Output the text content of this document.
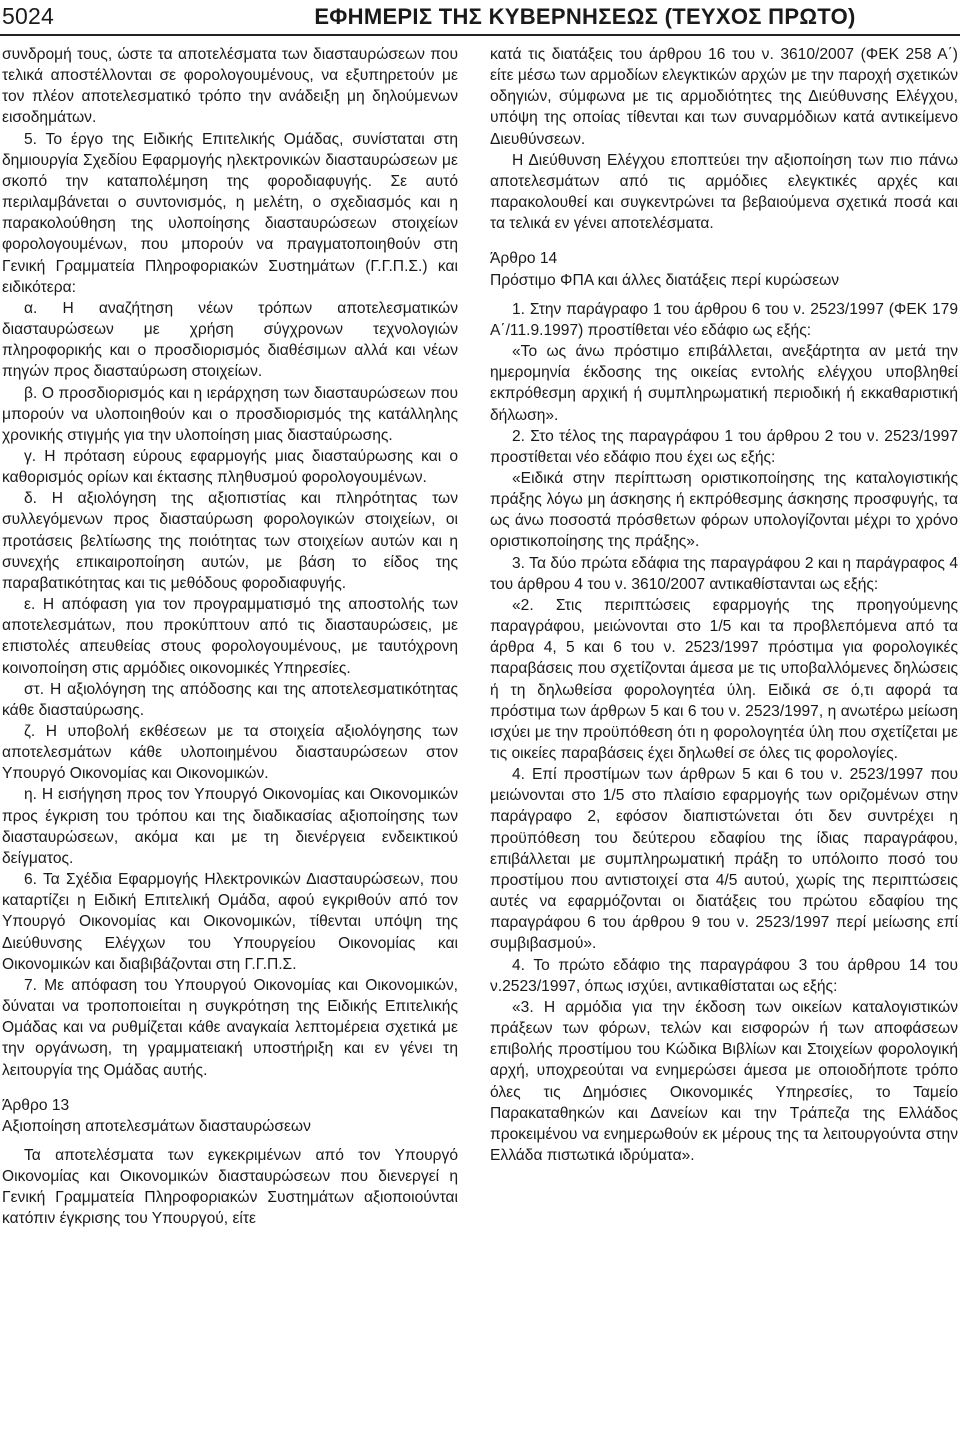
5024	ΕΦΗΜΕΡΙΣ ΤΗΣ ΚΥΒΕΡΝΗΣΕΩΣ (ΤΕΥΧΟΣ ΠΡΩΤΟ)

συνδρομή τους, ώστε τα αποτελέσματα των διασταυρώσεων που τελικά αποστέλλονται σε φορολογουμένους, να εξυπηρετούν με τον πλέον αποτελεσματικό τρόπο την ανάδειξη μη δηλούμενων εισοδημάτων.

5. Το έργο της Ειδικής Επιτελικής Ομάδας, συνίσταται στη δημιουργία Σχεδίου Εφαρμογής ηλεκτρονικών διασταυρώσεων με σκοπό την καταπολέμηση της φοροδιαφυγής. Σε αυτό περιλαμβάνεται ο συντονισμός, η μελέτη, ο σχεδιασμός και η παρακολούθηση της υλοποίησης διασταυρώσεων στοιχείων φορολογουμένων, που μπορούν να πραγματοποιηθούν στη Γενική Γραμματεία Πληροφοριακών Συστημάτων (Γ.Γ.Π.Σ.) και ειδικότερα:

α. Η αναζήτηση νέων τρόπων αποτελεσματικών διασταυρώσεων με χρήση σύγχρονων τεχνολογιών πληροφορικής και ο προσδιορισμός διαθέσιμων αλλά και νέων πηγών προς διασταύρωση στοιχείων.

β. Ο προσδιορισμός και η ιεράρχηση των διασταυρώσεων που μπορούν να υλοποιηθούν και ο προσδιορισμός της κατάλληλης χρονικής στιγμής για την υλοποίηση μιας διασταύρωσης.

γ. Η πρόταση εύρους εφαρμογής μιας διασταύρωσης και ο καθορισμός ορίων και έκτασης πληθυσμού φορολογουμένων.

δ. Η αξιολόγηση της αξιοπιστίας και πληρότητας των συλλεγόμενων προς διασταύρωση φορολογικών στοιχείων, οι προτάσεις βελτίωσης της ποιότητας των στοιχείων αυτών και η συνεχής επικαιροποίηση αυτών, με βάση το είδος της παραβατικότητας και τις μεθόδους φοροδιαφυγής.

ε. Η απόφαση για τον προγραμματισμό της αποστολής των αποτελεσμάτων, που προκύπτουν από τις διασταυρώσεις, με επιστολές απευθείας στους φορολογουμένους, με ταυτόχρονη κοινοποίηση στις αρμόδιες οικονομικές Υπηρεσίες.

στ. Η αξιολόγηση της απόδοσης και της αποτελεσματικότητας κάθε διασταύρωσης.

ζ. Η υποβολή εκθέσεων με τα στοιχεία αξιολόγησης των αποτελεσμάτων κάθε υλοποιημένου διασταυρώσεων στον Υπουργό Οικονομίας και Οικονομικών.

η. Η εισήγηση προς τον Υπουργό Οικονομίας και Οικονομικών προς έγκριση του τρόπου και της διαδικασίας αξιοποίησης των διασταυρώσεων, ακόμα και με τη διενέργεια ενδεικτικού δείγματος.

6. Τα Σχέδια Εφαρμογής Ηλεκτρονικών Διασταυρώσεων, που καταρτίζει η Ειδική Επιτελική Ομάδα, αφού εγκριθούν από τον Υπουργό Οικονομίας και Οικονομικών, τίθενται υπόψη της Διεύθυνσης Ελέγχων του Υπουργείου Οικονομίας και Οικονομικών και διαβιβάζονται στη Γ.Γ.Π.Σ.

7. Με απόφαση του Υπουργού Οικονομίας και Οικονομικών, δύναται να τροποποιείται η συγκρότηση της Ειδικής Επιτελικής Ομάδας και να ρυθμίζεται κάθε αναγκαία λεπτομέρεια σχετικά με την οργάνωση, τη γραμματειακή υποστήριξη και εν γένει τη λειτουργία της Ομάδας αυτής.

Άρθρο 13

Αξιοποίηση αποτελεσμάτων διασταυρώσεων

Τα αποτελέσματα των εγκεκριμένων από τον Υπουργό Οικονομίας και Οικονομικών διασταυρώσεων που διενεργεί η Γενική Γραμματεία Πληροφοριακών Συστημάτων αξιοποιούνται κατόπιν έγκρισης του Υπουργού, είτε

κατά τις διατάξεις του άρθρου 16 του ν. 3610/2007 (ΦΕΚ 258 Α΄) είτε μέσω των αρμοδίων ελεγκτικών αρχών με την παροχή σχετικών οδηγιών, σύμφωνα με τις αρμοδιότητες της Διεύθυνσης Ελέγχου, υπόψη της οποίας τίθενται και των συναρμόδιων κατά αντικείμενο Διευθύνσεων.

Η Διεύθυνση Ελέγχου εποπτεύει την αξιοποίηση των πιο πάνω αποτελεσμάτων από τις αρμόδιες ελεγκτικές αρχές και παρακολουθεί και συγκεντρώνει τα βεβαιούμενα σχετικά ποσά και τα τελικά εν γένει αποτελέσματα.

Άρθρο 14

Πρόστιμο ΦΠΑ και άλλες διατάξεις περί κυρώσεων

1. Στην παράγραφο 1 του άρθρου 6 του ν. 2523/1997 (ΦΕΚ 179 Α΄/11.9.1997) προστίθεται νέο εδάφιο ως εξής:

«Το ως άνω πρόστιμο επιβάλλεται, ανεξάρτητα αν μετά την ημερομηνία έκδοσης της οικείας εντολής ελέγχου υποβληθεί εκπρόθεσμη αρχική ή συμπληρωματική περιοδική ή εκκαθαριστική δήλωση».

2. Στο τέλος της παραγράφου 1 του άρθρου 2 του ν. 2523/1997 προστίθεται νέο εδάφιο που έχει ως εξής:

«Ειδικά στην περίπτωση οριστικοποίησης της καταλογιστικής πράξης λόγω μη άσκησης ή εκπρόθεσμης άσκησης προσφυγής, τα ως άνω ποσοστά πρόσθετων φόρων υπολογίζονται μέχρι το χρόνο οριστικοποίησης της πράξης».

3. Τα δύο πρώτα εδάφια της παραγράφου 2 και η παράγραφος 4 του άρθρου 4 του ν. 3610/2007 αντικαθίστανται ως εξής:

«2. Στις περιπτώσεις εφαρμογής της προηγούμενης παραγράφου, μειώνονται στο 1/5 και τα προβλεπόμενα από τα άρθρα 4, 5 και 6 του ν. 2523/1997 πρόστιμα για φορολογικές παραβάσεις που σχετίζονται άμεσα με τις υποβαλλόμενες δηλώσεις ή τη δηλωθείσα φορολογητέα ύλη. Ειδικά σε ό,τι αφορά τα πρόστιμα των άρθρων 5 και 6 του ν. 2523/1997, η ανωτέρω μείωση ισχύει με την προϋπόθεση ότι η φορολογητέα ύλη που σχετίζεται με τις οικείες παραβάσεις έχει δηλωθεί σε όλες τις φορολογίες.

4. Επί προστίμων των άρθρων 5 και 6 του ν. 2523/1997 που μειώνονται στο 1/5 στο πλαίσιο εφαρμογής των οριζομένων στην παράγραφο 2, εφόσον διαπιστώνεται ότι δεν συντρέχει η προϋπόθεση του δεύτερου εδαφίου της ίδιας παραγράφου, επιβάλλεται με συμπληρωματική πράξη το υπόλοιπο ποσό του προστίμου που αντιστοιχεί στα 4/5 αυτού, χωρίς της περιπτώσεις αυτές να εφαρμόζονται οι διατάξεις του πρώτου εδαφίου της παραγράφου 6 του άρθρου 9 του ν. 2523/1997 περί μείωσης επί συμβιβασμού».

4. Το πρώτο εδάφιο της παραγράφου 3 του άρθρου 14 του ν.2523/1997, όπως ισχύει, αντικαθίσταται ως εξής:

«3. Η αρμόδια για την έκδοση των οικείων καταλογιστικών πράξεων των φόρων, τελών και εισφορών ή των αποφάσεων επιβολής προστίμου του Κώδικα Βιβλίων και Στοιχείων φορολογική αρχή, υποχρεούται να ενημερώσει άμεσα με οποιοδήποτε τρόπο όλες τις Δημόσιες Οικονομικές Υπηρεσίες, το Ταμείο Παρακαταθηκών και Δανείων και την Τράπεζα της Ελλάδος προκειμένου να ενημερωθούν εκ μέρους της τα λειτουργούντα στην Ελλάδα πιστωτικά ιδρύματα».
